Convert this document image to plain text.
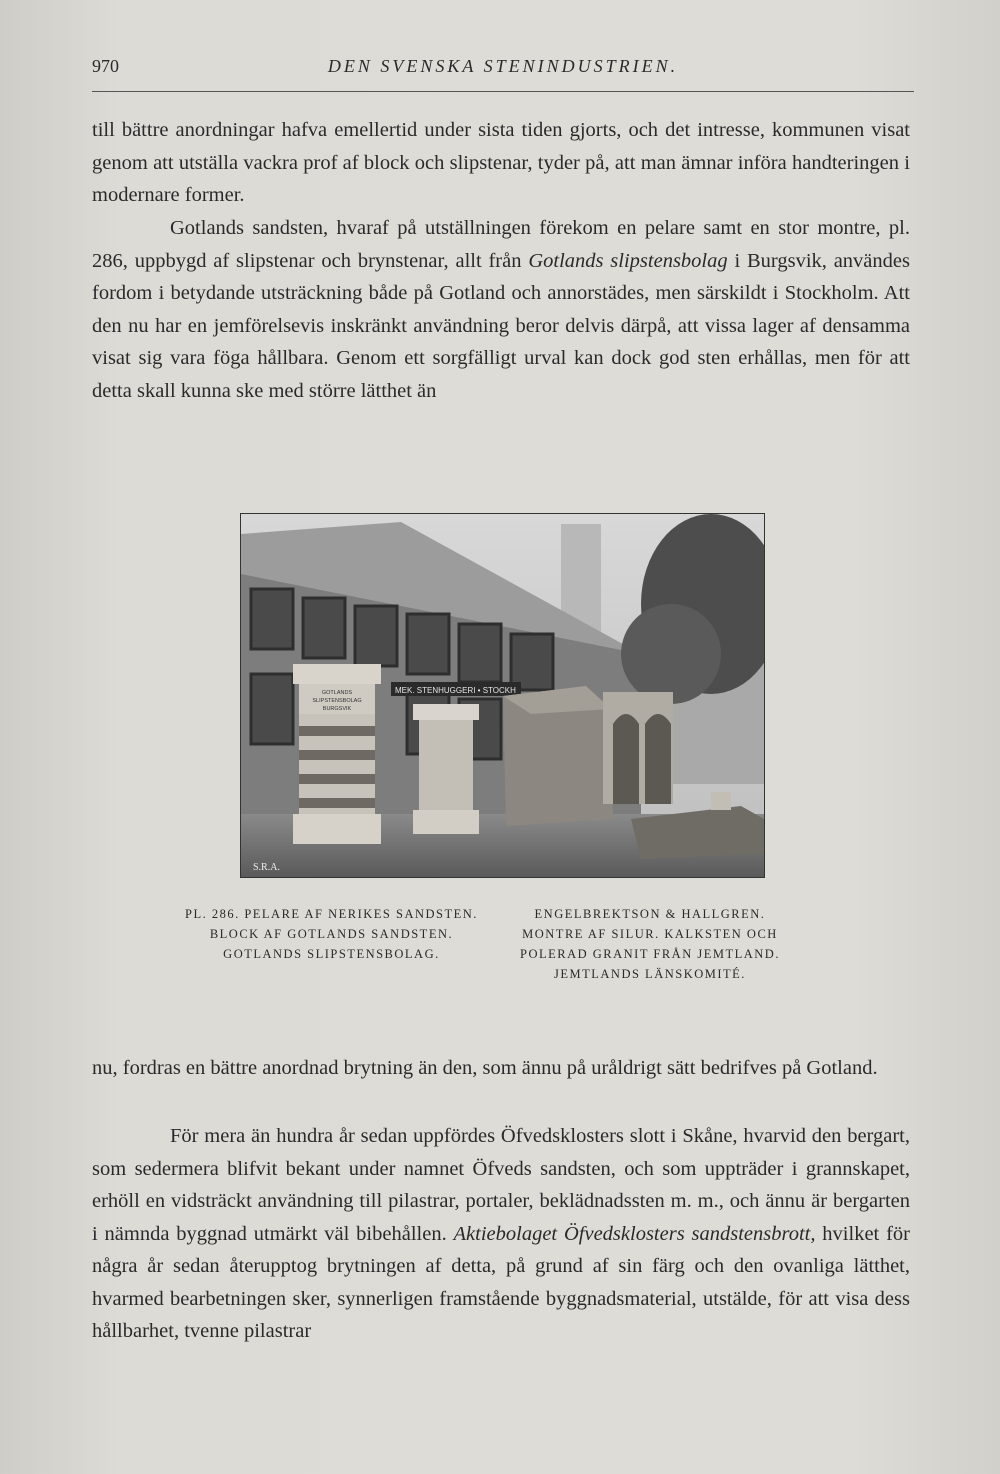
970	DEN SVENSKA STENINDUSTRIEN.

till bättre anordningar hafva emellertid under sista tiden gjorts, och det intresse, kommunen visat genom att utställa vackra prof af block och slipstenar, tyder på, att man ämnar införa handteringen i modernare former.

Gotlands sandsten, hvaraf på utställningen förekom en pelare samt en stor montre, pl. 286, uppbygd af slipstenar och brynstenar, allt från Gotlands slipstensbolag i Burgsvik, användes fordom i betydande utsträckning både på Gotland och annorstädes, men särskildt i Stockholm. Att den nu har en jemförelsevis inskränkt användning beror delvis därpå, att vissa lager af densamma visat sig vara föga hållbara. Genom ett sorgfälligt urval kan dock god sten erhållas, men för att detta skall kunna ske med större lätthet än

MEK. STENHUGGERI • STOCKH
GOTLANDS
SLIPSTENSBOLAG
BURGSVIK
S.R.A.
PL. 286. PELARE AF NERIKES SANDSTEN.
BLOCK AF GOTLANDS SANDSTEN.
GOTLANDS SLIPSTENSBOLAG.
ENGELBREKTSON & HALLGREN.
MONTRE AF SILUR. KALKSTEN OCH
POLERAD GRANIT FRÅN JEMTLAND.
JEMTLANDS LÄNSKOMITÉ.

nu, fordras en bättre anordnad brytning än den, som ännu på uråldrigt sätt bedrifves på Gotland.

För mera än hundra år sedan uppfördes Öfvedsklosters slott i Skåne, hvarvid den bergart, som sedermera blifvit bekant under namnet Öfveds sandsten, och som uppträder i grannskapet, erhöll en vidsträckt användning till pilastrar, portaler, beklädnadssten m. m., och ännu är bergarten i nämnda byggnad utmärkt väl bibehållen. Aktiebolaget Öfvedsklosters sandstensbrott, hvilket för några år sedan återupptog brytningen af detta, på grund af sin färg och den ovanliga lätthet, hvarmed bearbetningen sker, synnerligen framstående byggnadsmaterial, utstälde, för att visa dess hållbarhet, tvenne pilastrar
